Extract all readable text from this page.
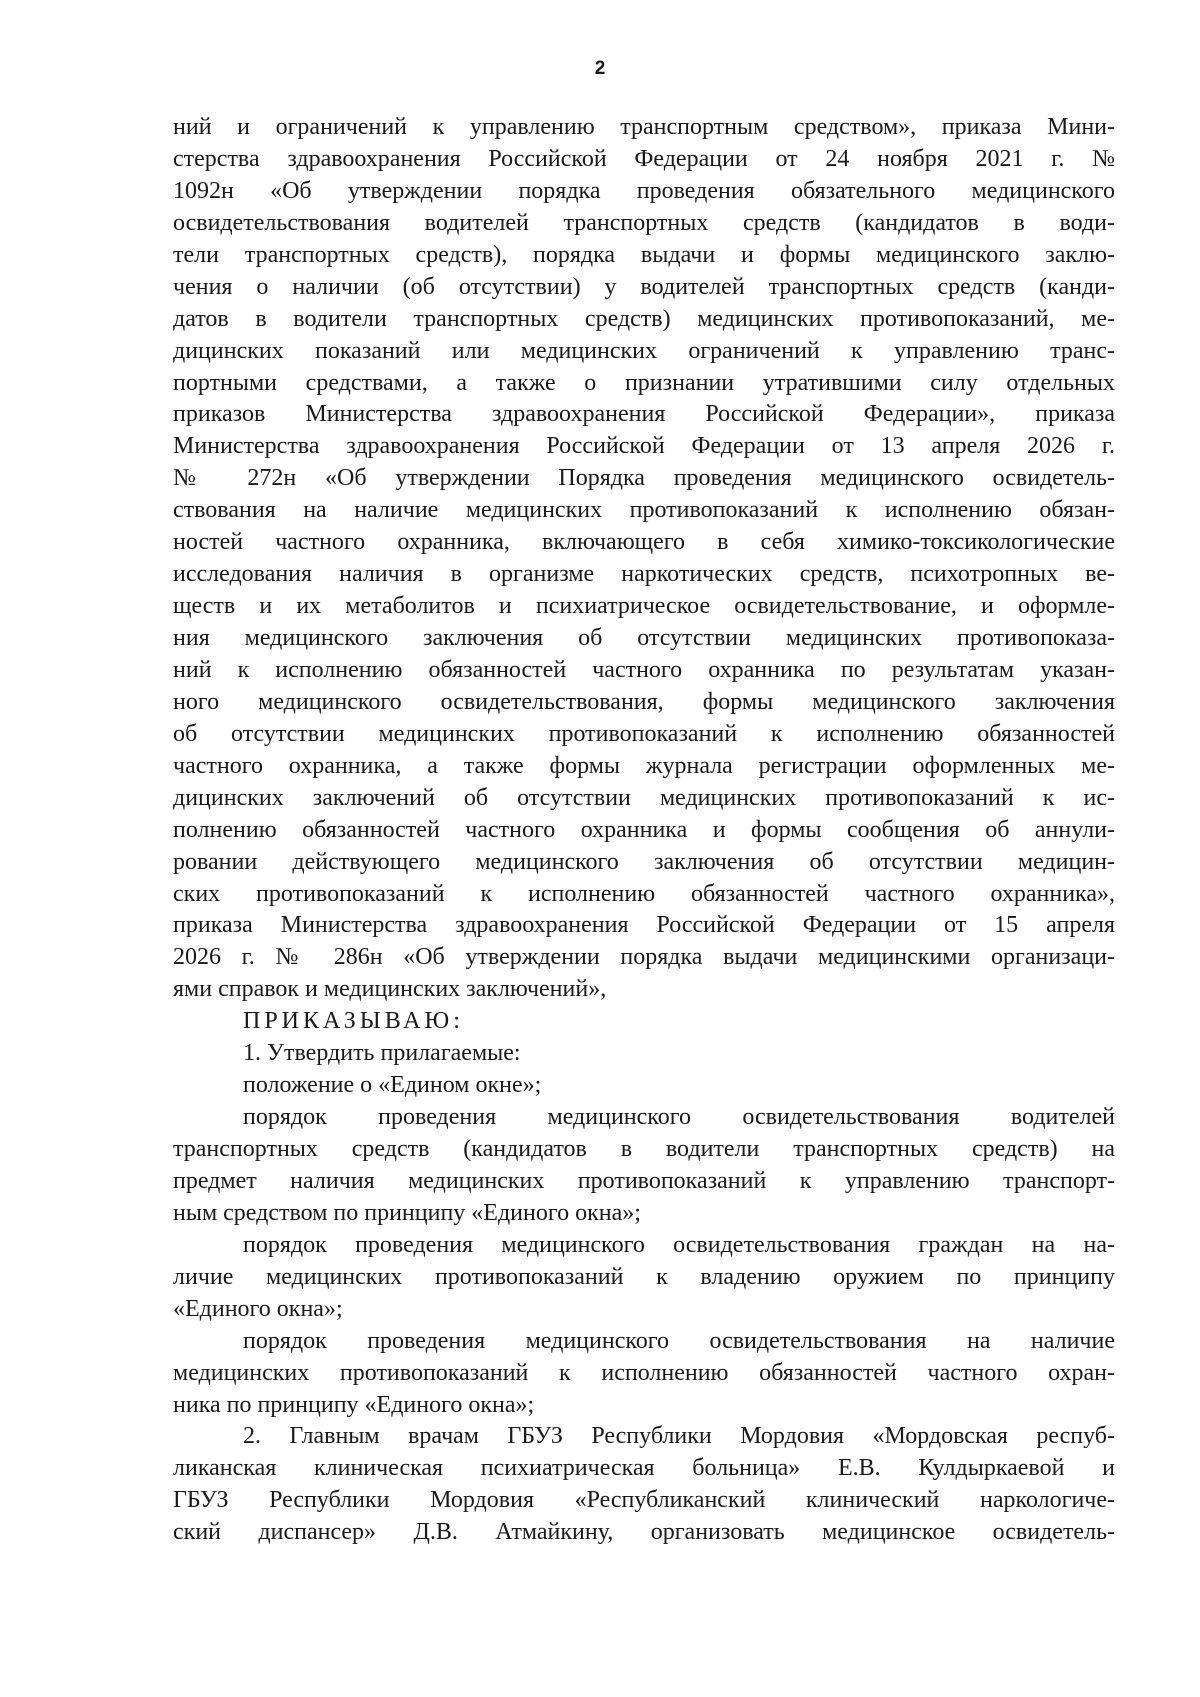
2
ний и ограничений к управлению транспортным средством», приказа Мини-
стерства здравоохранения Российской Федерации от 24 ноября 2021 г. №
1092н «Об утверждении порядка проведения обязательного медицинского
освидетельствования водителей транспортных средств (кандидатов в води-
тели транспортных средств), порядка выдачи и формы медицинского заклю-
чения о наличии (об отсутствии) у водителей транспортных средств (канди-
датов в водители транспортных средств) медицинских противопоказаний, ме-
дицинских показаний или медицинских ограничений к управлению транс-
портными средствами, а также о признании утратившими силу отдельных
приказов Министерства здравоохранения Российской Федерации», приказа
Министерства здравоохранения Российской Федерации от 13 апреля 2026 г.
№ 272н «Об утверждении Порядка проведения медицинского освидетель-
ствования на наличие медицинских противопоказаний к исполнению обязан-
ностей частного охранника, включающего в себя химико-токсикологические
исследования наличия в организме наркотических средств, психотропных ве-
ществ и их метаболитов и психиатрическое освидетельствование, и оформле-
ния медицинского заключения об отсутствии медицинских противопоказа-
ний к исполнению обязанностей частного охранника по результатам указан-
ного медицинского освидетельствования, формы медицинского заключения
об отсутствии медицинских противопоказаний к исполнению обязанностей
частного охранника, а также формы журнала регистрации оформленных ме-
дицинских заключений об отсутствии медицинских противопоказаний к ис-
полнению обязанностей частного охранника и формы сообщения об аннули-
ровании действующего медицинского заключения об отсутствии медицин-
ских противопоказаний к исполнению обязанностей частного охранника»,
приказа Министерства здравоохранения Российской Федерации от 15 апреля
2026 г. № 286н «Об утверждении порядка выдачи медицинскими организаци-
ями справок и медицинских заключений»,
ПРИКАЗЫВАЮ:
1. Утвердить прилагаемые:
положение о «Едином окне»;
порядок проведения медицинского освидетельствования водителей
транспортных средств (кандидатов в водители транспортных средств) на
предмет наличия медицинских противопоказаний к управлению транспорт-
ным средством по принципу «Единого окна»;
порядок проведения медицинского освидетельствования граждан на на-
личие медицинских противопоказаний к владению оружием по принципу
«Единого окна»;
порядок проведения медицинского освидетельствования на наличие
медицинских противопоказаний к исполнению обязанностей частного охран-
ника по принципу «Единого окна»;
2. Главным врачам ГБУЗ Республики Мордовия «Мордовская респуб-
ликанская клиническая психиатрическая больница» Е.В. Кулдыркаевой и
ГБУЗ Республики Мордовия «Республиканский клинический наркологиче-
ский диспансер» Д.В. Атмайкину, организовать медицинское освидетель-
